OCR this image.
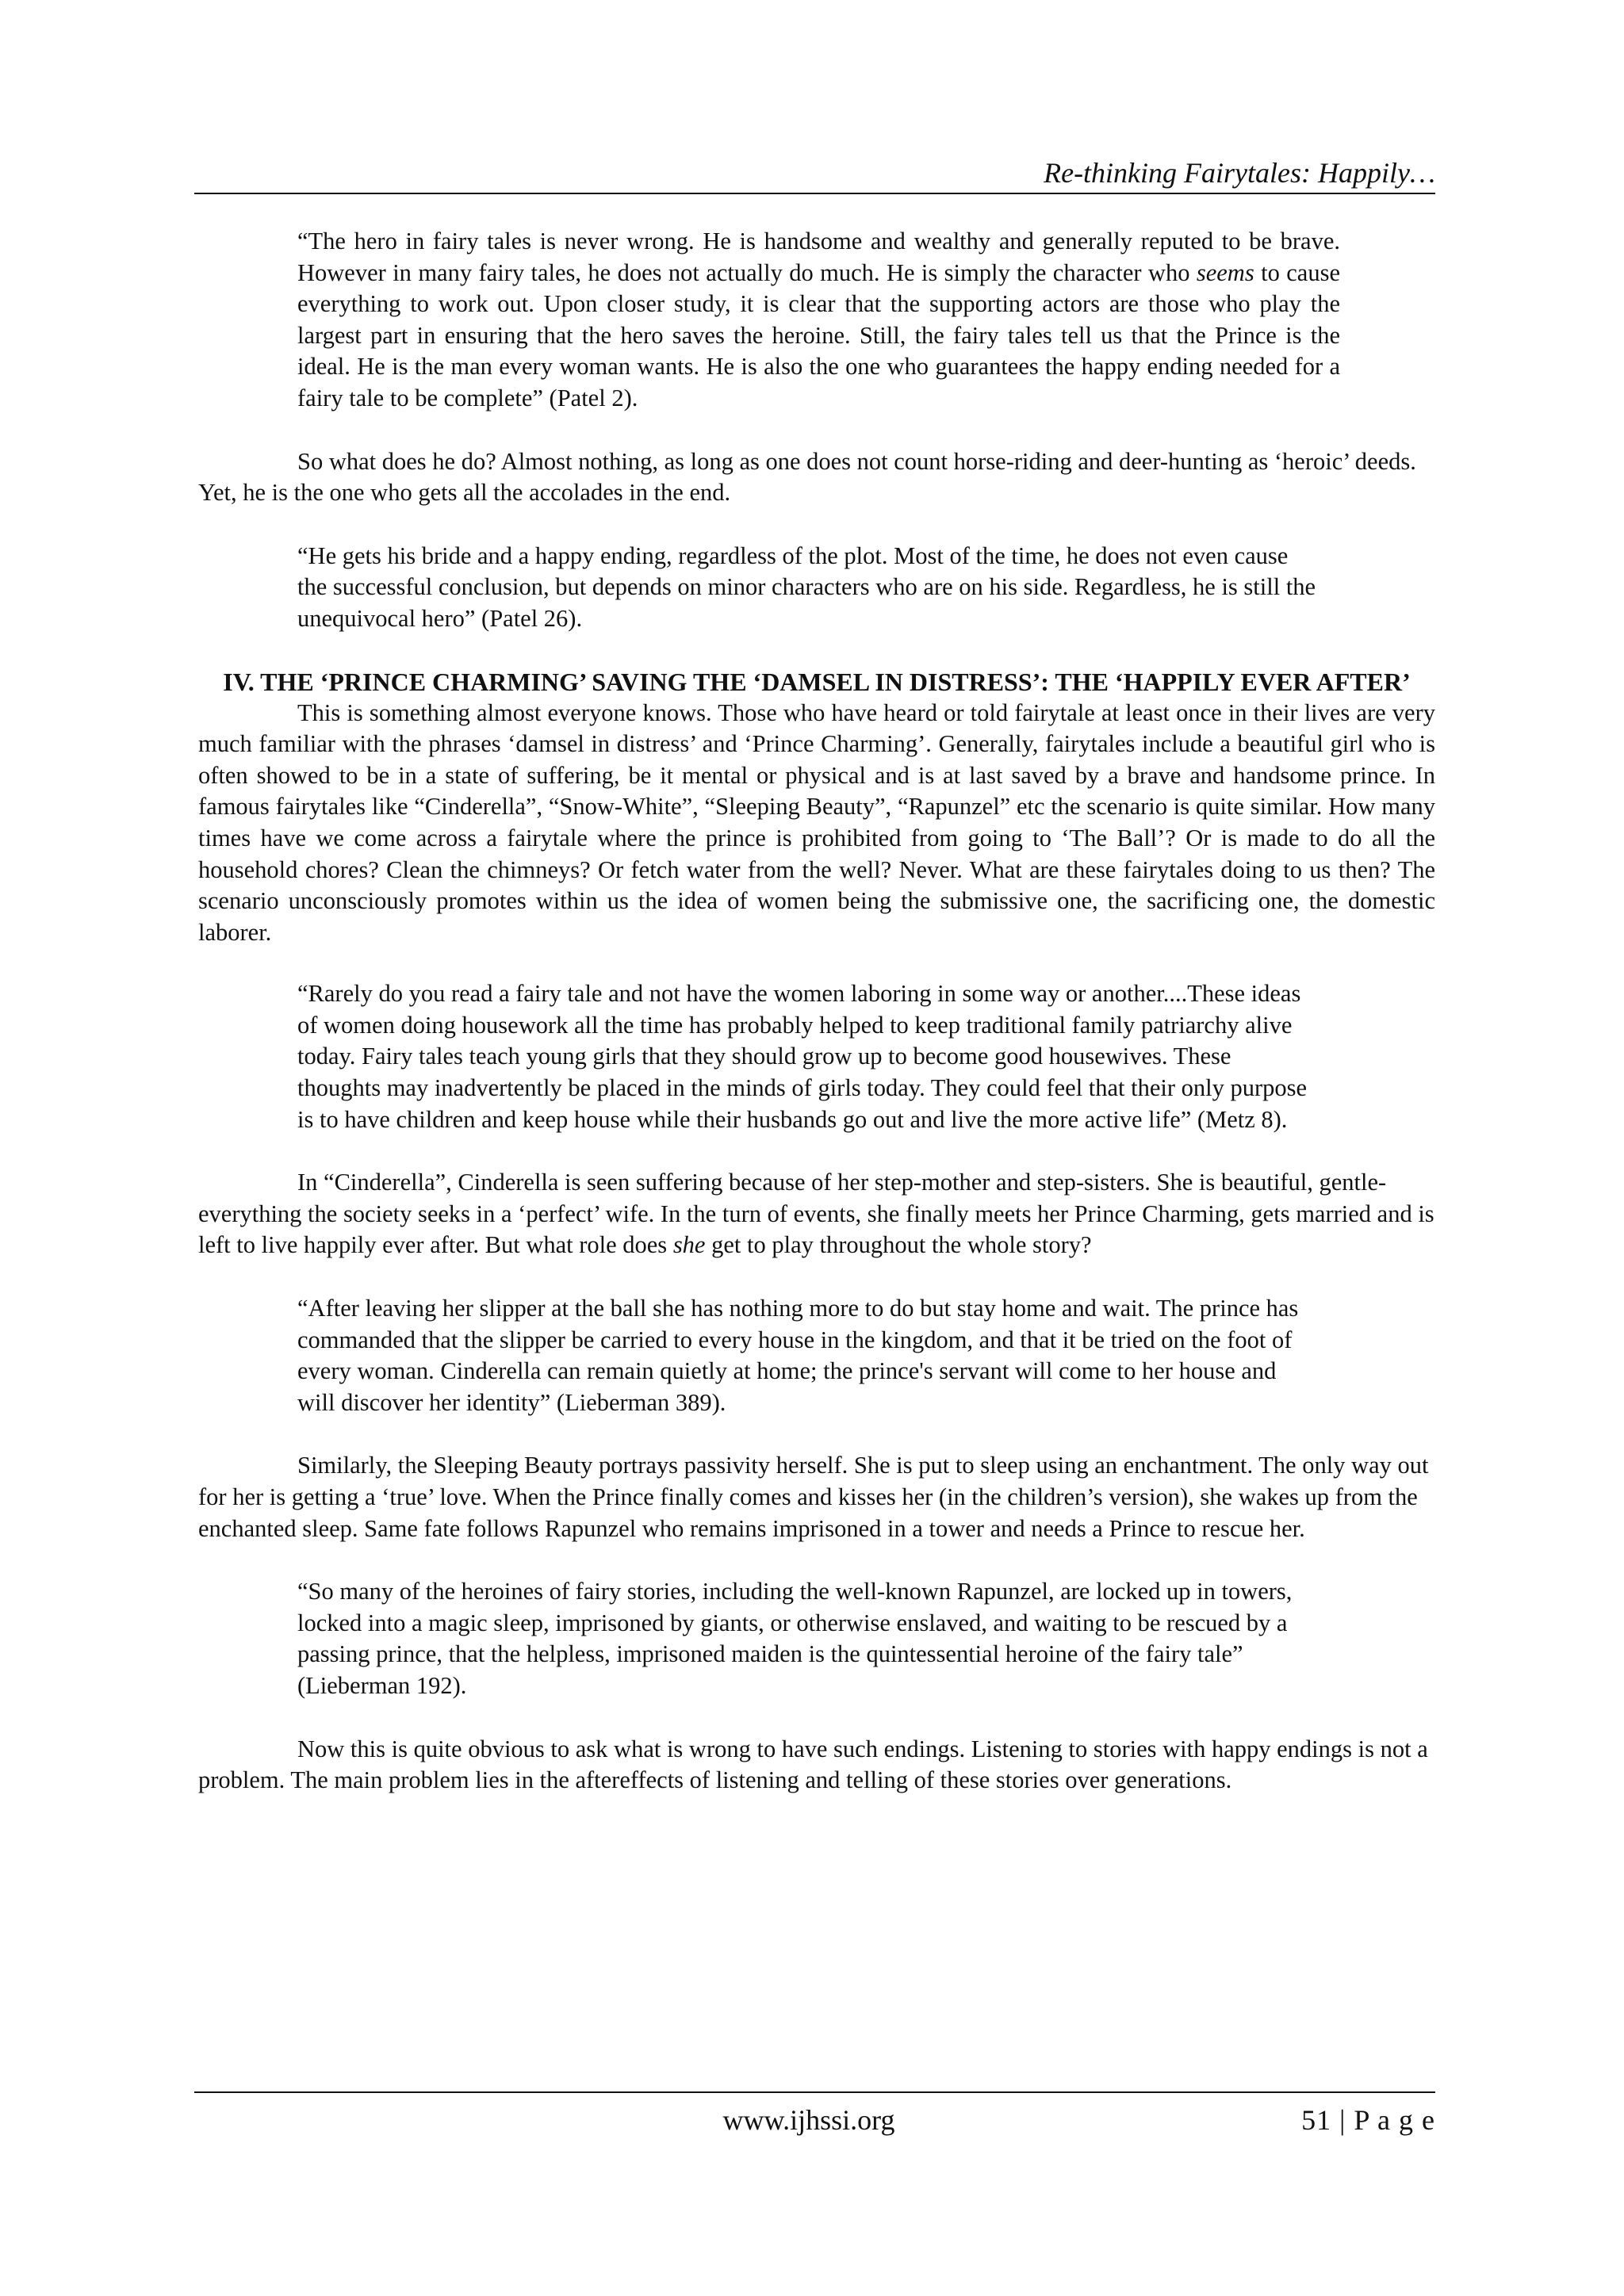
Re-thinking Fairytales: Happily…

“The hero in fairy tales is never wrong. He is handsome and wealthy and generally reputed to be brave. However in many fairy tales, he does not actually do much. He is simply the character who seems to cause everything to work out. Upon closer study, it is clear that the supporting actors are those who play the largest part in ensuring that the hero saves the heroine. Still, the fairy tales tell us that the Prince is the ideal. He is the man every woman wants. He is also the one who guarantees the happy ending needed for a fairy tale to be complete” (Patel 2).

So what does he do? Almost nothing, as long as one does not count horse-riding and deer-hunting as ‘heroic’ deeds. Yet, he is the one who gets all the accolades in the end.

“He gets his bride and a happy ending, regardless of the plot. Most of the time, he does not even cause the successful conclusion, but depends on minor characters who are on his side. Regardless, he is still the unequivocal hero” (Patel 26).

IV. THE ‘PRINCE CHARMING’ SAVING THE ‘DAMSEL IN DISTRESS’: THE ‘HAPPILY EVER AFTER’

This is something almost everyone knows. Those who have heard or told fairytale at least once in their lives are very much familiar with the phrases ‘damsel in distress’ and ‘Prince Charming’. Generally, fairytales include a beautiful girl who is often showed to be in a state of suffering, be it mental or physical and is at last saved by a brave and handsome prince. In famous fairytales like “Cinderella”, “Snow-White”, “Sleeping Beauty”, “Rapunzel” etc the scenario is quite similar. How many times have we come across a fairytale where the prince is prohibited from going to ‘The Ball’? Or is made to do all the household chores? Clean the chimneys? Or fetch water from the well? Never. What are these fairytales doing to us then? The scenario unconsciously promotes within us the idea of women being the submissive one, the sacrificing one, the domestic laborer.

“Rarely do you read a fairy tale and not have the women laboring in some way or another....These ideas of women doing housework all the time has probably helped to keep traditional family patriarchy alive today. Fairy tales teach young girls that they should grow up to become good housewives. These thoughts may inadvertently be placed in the minds of girls today. They could feel that their only purpose is to have children and keep house while their husbands go out and live the more active life” (Metz 8).

In “Cinderella”, Cinderella is seen suffering because of her step-mother and step-sisters. She is beautiful, gentle- everything the society seeks in a ‘perfect’ wife. In the turn of events, she finally meets her Prince Charming, gets married and is left to live happily ever after. But what role does she get to play throughout the whole story?

“After leaving her slipper at the ball she has nothing more to do but stay home and wait. The prince has commanded that the slipper be carried to every house in the kingdom, and that it be tried on the foot of every woman. Cinderella can remain quietly at home; the prince's servant will come to her house and will discover her identity” (Lieberman 389).

Similarly, the Sleeping Beauty portrays passivity herself. She is put to sleep using an enchantment. The only way out for her is getting a ‘true’ love. When the Prince finally comes and kisses her (in the children’s version), she wakes up from the enchanted sleep. Same fate follows Rapunzel who remains imprisoned in a tower and needs a Prince to rescue her.

“So many of the heroines of fairy stories, including the well-known Rapunzel, are locked up in towers, locked into a magic sleep, imprisoned by giants, or otherwise enslaved, and waiting to be rescued by a passing prince, that the helpless, imprisoned maiden is the quintessential heroine of the fairy tale” (Lieberman 192).

Now this is quite obvious to ask what is wrong to have such endings. Listening to stories with happy endings is not a problem. The main problem lies in the aftereffects of listening and telling of these stories over generations.

www.ijhssi.org	51 | P a g e
